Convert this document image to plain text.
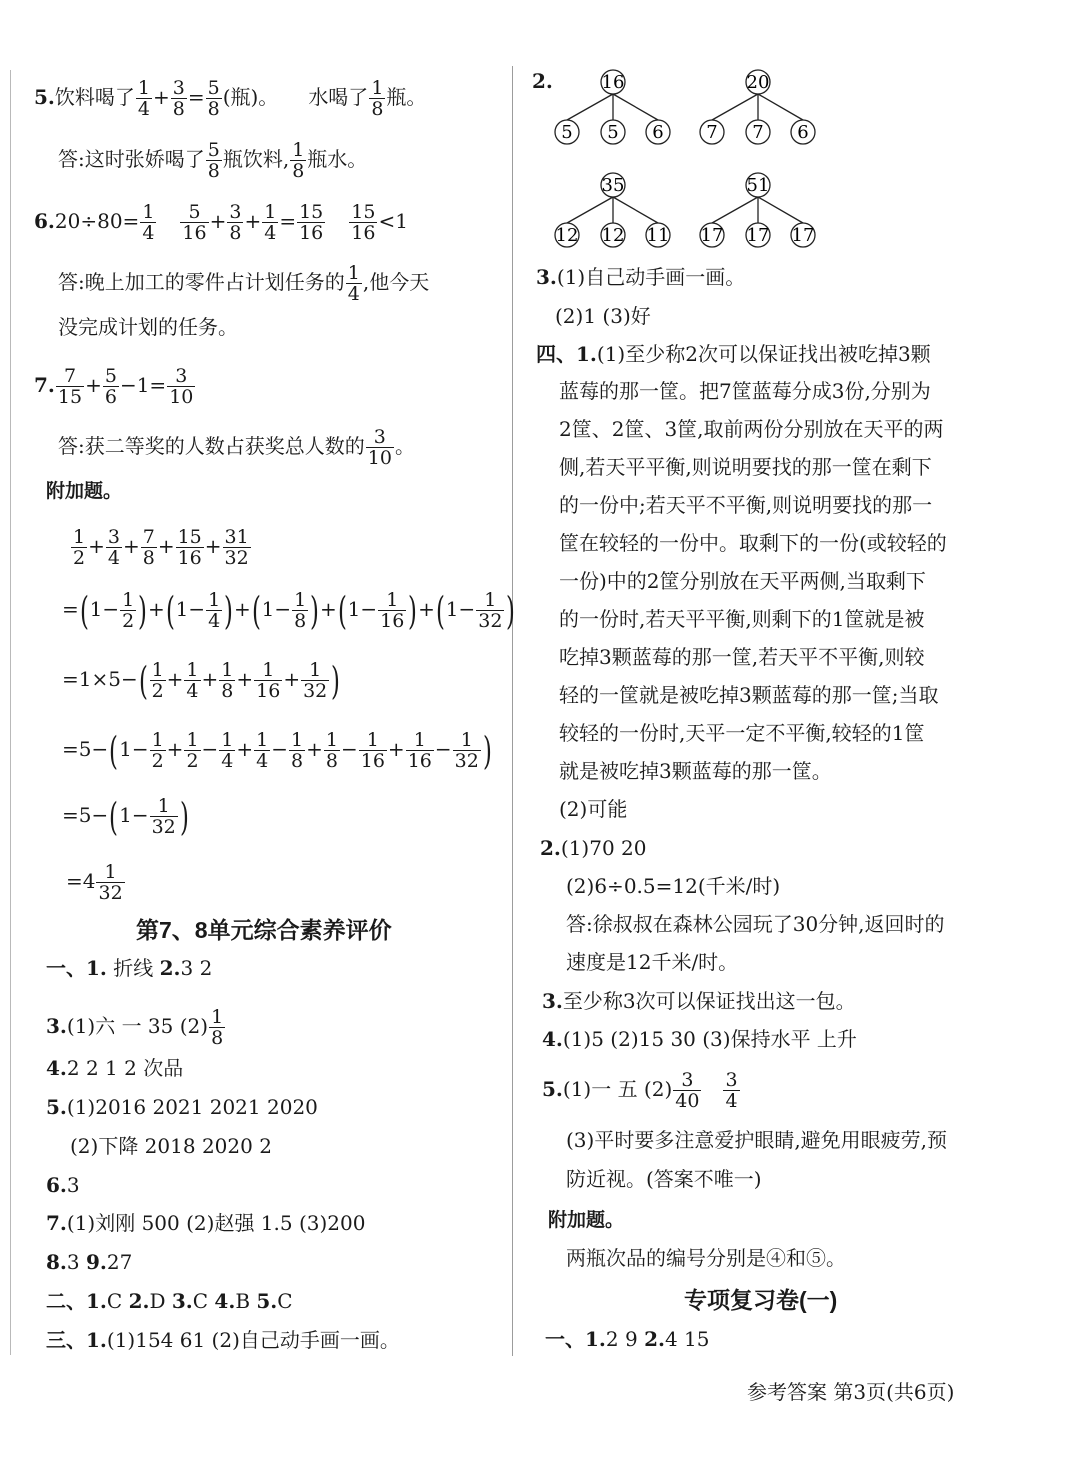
5.饮料喝了 $\frac{1}{4} + \frac{3}{8} = \frac{5}{8}$ (瓶)。 水喝了 $\frac{1}{8}$ 瓶。
答:这时张娇喝了 $\frac{5}{8}$ 瓶饮料, $\frac{1}{8}$ 瓶水。
$6.20\div 80= \frac{1}{4} \frac{5}{16} + \frac{3}{8} + \frac{1}{4} = \frac{15}{16} \frac{15}{16} <1$
答:晚上加工的零件占计划任务的 $\frac{1}{4}$ ,他今天
没完成计划的任务。
7. $\frac{7}{15} + \frac{5}{6} -1= \frac{3}{10}$
答:获二等奖的人数占获奖总人数的 $\frac{3}{10}$ 。
附加题。
$\frac{1}{2} + \frac{3}{4} + \frac{7}{8} + \frac{15}{16} + \frac{31}{32}$
$=(1- \frac{1}{2} )+(1- \frac{1}{4} )+(1- \frac{1}{8} )+(1- \frac{1}{16} )+(1- \frac{1}{32}$ )
$=1\times 5-( \frac{1}{2} + \frac{1}{4} + \frac{1}{8} + \frac{1}{16} + \frac{1}{32}$ )
$=5-(1- \frac{1}{2} + \frac{1}{2} - \frac{1}{4} + \frac{1}{4} - \frac{1}{8} + \frac{1}{8} - \frac{1}{16} + \frac{1}{16} - \frac{1}{32}$ )
$=5-(1- \frac{1}{32}$ )
$=4 \frac{1}{32}$
第7、8单元综合素养评价
一、1. 折线 2.3 2
3.(1)六 一 35 $(2) \frac{1}{8}$
4.2 2 1 2 次品
5.(1)2016 2021 2021 2020
(2)下降 2018 2020 2
6.3
7.(1)刘刚 500 (2)赵强 1.5 (3)200
8.3 9.27
二、1.C 2.D 3.C 4.B 5.C
三、1.(1)154 61 (2)自己动手画一画。
2.	16
5 5 6
20
7 7 6
35
12 12 11
51
17 17 17
3.(1)自己动手画一画。
(2)1 (3)好
四、1.(1)至少称2次可以保证找出被吃掉3颗
蓝莓的那一筐。把7筐蓝莓分成3份,分别为
2筐、2筐、3筐,取前两份分别放在天平的两
侧,若天平平衡,则说明要找的那一筐在剩下
的一份中;若天平不平衡,则说明要找的那一
筐在较轻的一份中。取剩下的一份(或较轻的
一份)中的2筐分别放在天平两侧,当取剩下
的一份时,若天平平衡,则剩下的1筐就是被
吃掉3颗蓝莓的那一筐,若天平不平衡,则较
轻的一筐就是被吃掉3颗蓝莓的那一筐;当取
较轻的一份时,天平一定不平衡,较轻的1筐
就是被吃掉3颗蓝莓的那一筐。
(2)可能
2.(1)70 20
(2)6÷0.5=12(千米/时)
答:徐叔叔在森林公园玩了30分钟,返回时的
速度是12千米/时。
3.至少称3次可以保证找出这一包。
4.(1)5 (2)15 30 (3)保持水平 上升
5.(1)一 五 $(2) \frac{3}{40} \frac{3}{4}$
(3)平时要多注意爱护眼睛,避免用眼疲劳,预
防近视。(答案不唯一)
附加题。
两瓶次品的编号分别是④和⑤。
专项复习卷(一)
一、1.2 9 2.4 15
参考答案 第3页(共6页)
